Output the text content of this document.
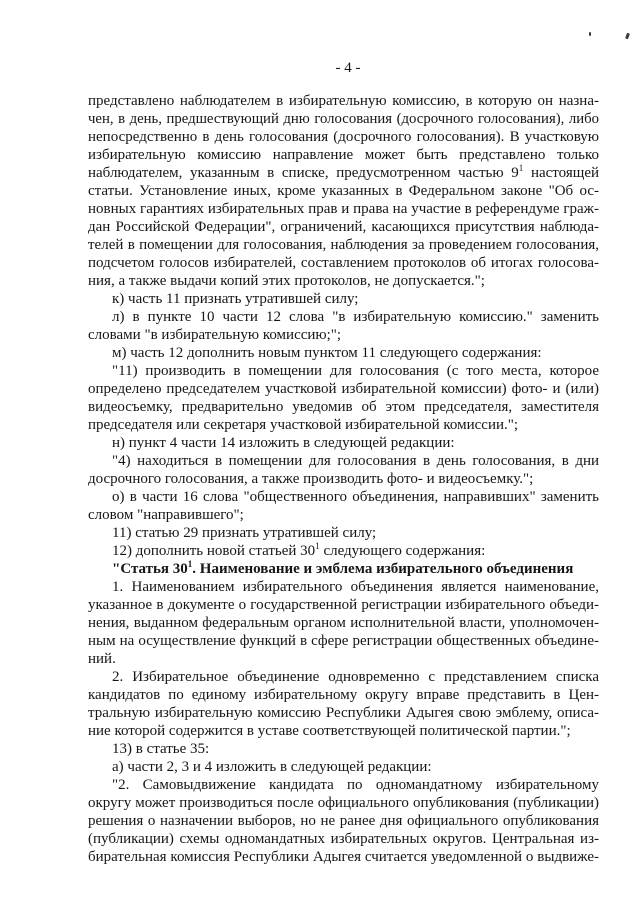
- 4 -
представлено наблюдателем в избирательную комиссию, в которую он назна-
чен, в день, предшествующий дню голосования (досрочного голосования), либо
непосредственно в день голосования (досрочного голосования). В участковую
избирательную комиссию направление может быть представлено только
наблюдателем, указанным в списке, предусмотренном частью $9^1$ настоящей
статьи. Установление иных, кроме указанных в Федеральном законе "Об ос-
новных гарантиях избирательных прав и права на участие в референдуме граж-
дан Российской Федерации", ограничений, касающихся присутствия наблюда-
телей в помещении для голосования, наблюдения за проведением голосования,
подсчетом голосов избирателей, составлением протоколов об итогах голосова-
ния, а также выдачи копий этих протоколов, не допускается.";
к) часть 11 признать утратившей силу;
л) в пункте 10 части 12 слова "в избирательную комиссию." заменить
словами "в избирательную комиссию;";
м) часть 12 дополнить новым пунктом 11 следующего содержания:
"11) производить в помещении для голосования (с того места, которое
определено председателем участковой избирательной комиссии) фото- и (или)
видеосъемку, предварительно уведомив об этом председателя, заместителя
председателя или секретаря участковой избирательной комиссии.";
н) пункт 4 части 14 изложить в следующей редакции:
"4) находиться в помещении для голосования в день голосования, в дни
досрочного голосования, а также производить фото- и видеосъемку.";
о) в части 16 слова "общественного объединения, направивших" заменить
словом "направившего";
11) статью 29 признать утратившей силу;
12) дополнить новой статьей $30^1$ следующего содержания:
"Статья $30^1$. Наименование и эмблема избирательного объединения
1. Наименованием избирательного объединения является наименование,
указанное в документе о государственной регистрации избирательного объеди-
нения, выданном федеральным органом исполнительной власти, уполномочен-
ным на осуществление функций в сфере регистрации общественных объедине-
ний.
2. Избирательное объединение одновременно с представлением списка
кандидатов по единому избирательному округу вправе представить в Цен-
тральную избирательную комиссию Республики Адыгея свою эмблему, описа-
ние которой содержится в уставе соответствующей политической партии.";
13) в статье 35:
а) части 2, 3 и 4 изложить в следующей редакции:
"2. Самовыдвижение кандидата по одномандатному избирательному
округу может производиться после официального опубликования (публикации)
решения о назначении выборов, но не ранее дня официального опубликования
(публикации) схемы одномандатных избирательных округов. Центральная из-
бирательная комиссия Республики Адыгея считается уведомленной о выдвиже-
